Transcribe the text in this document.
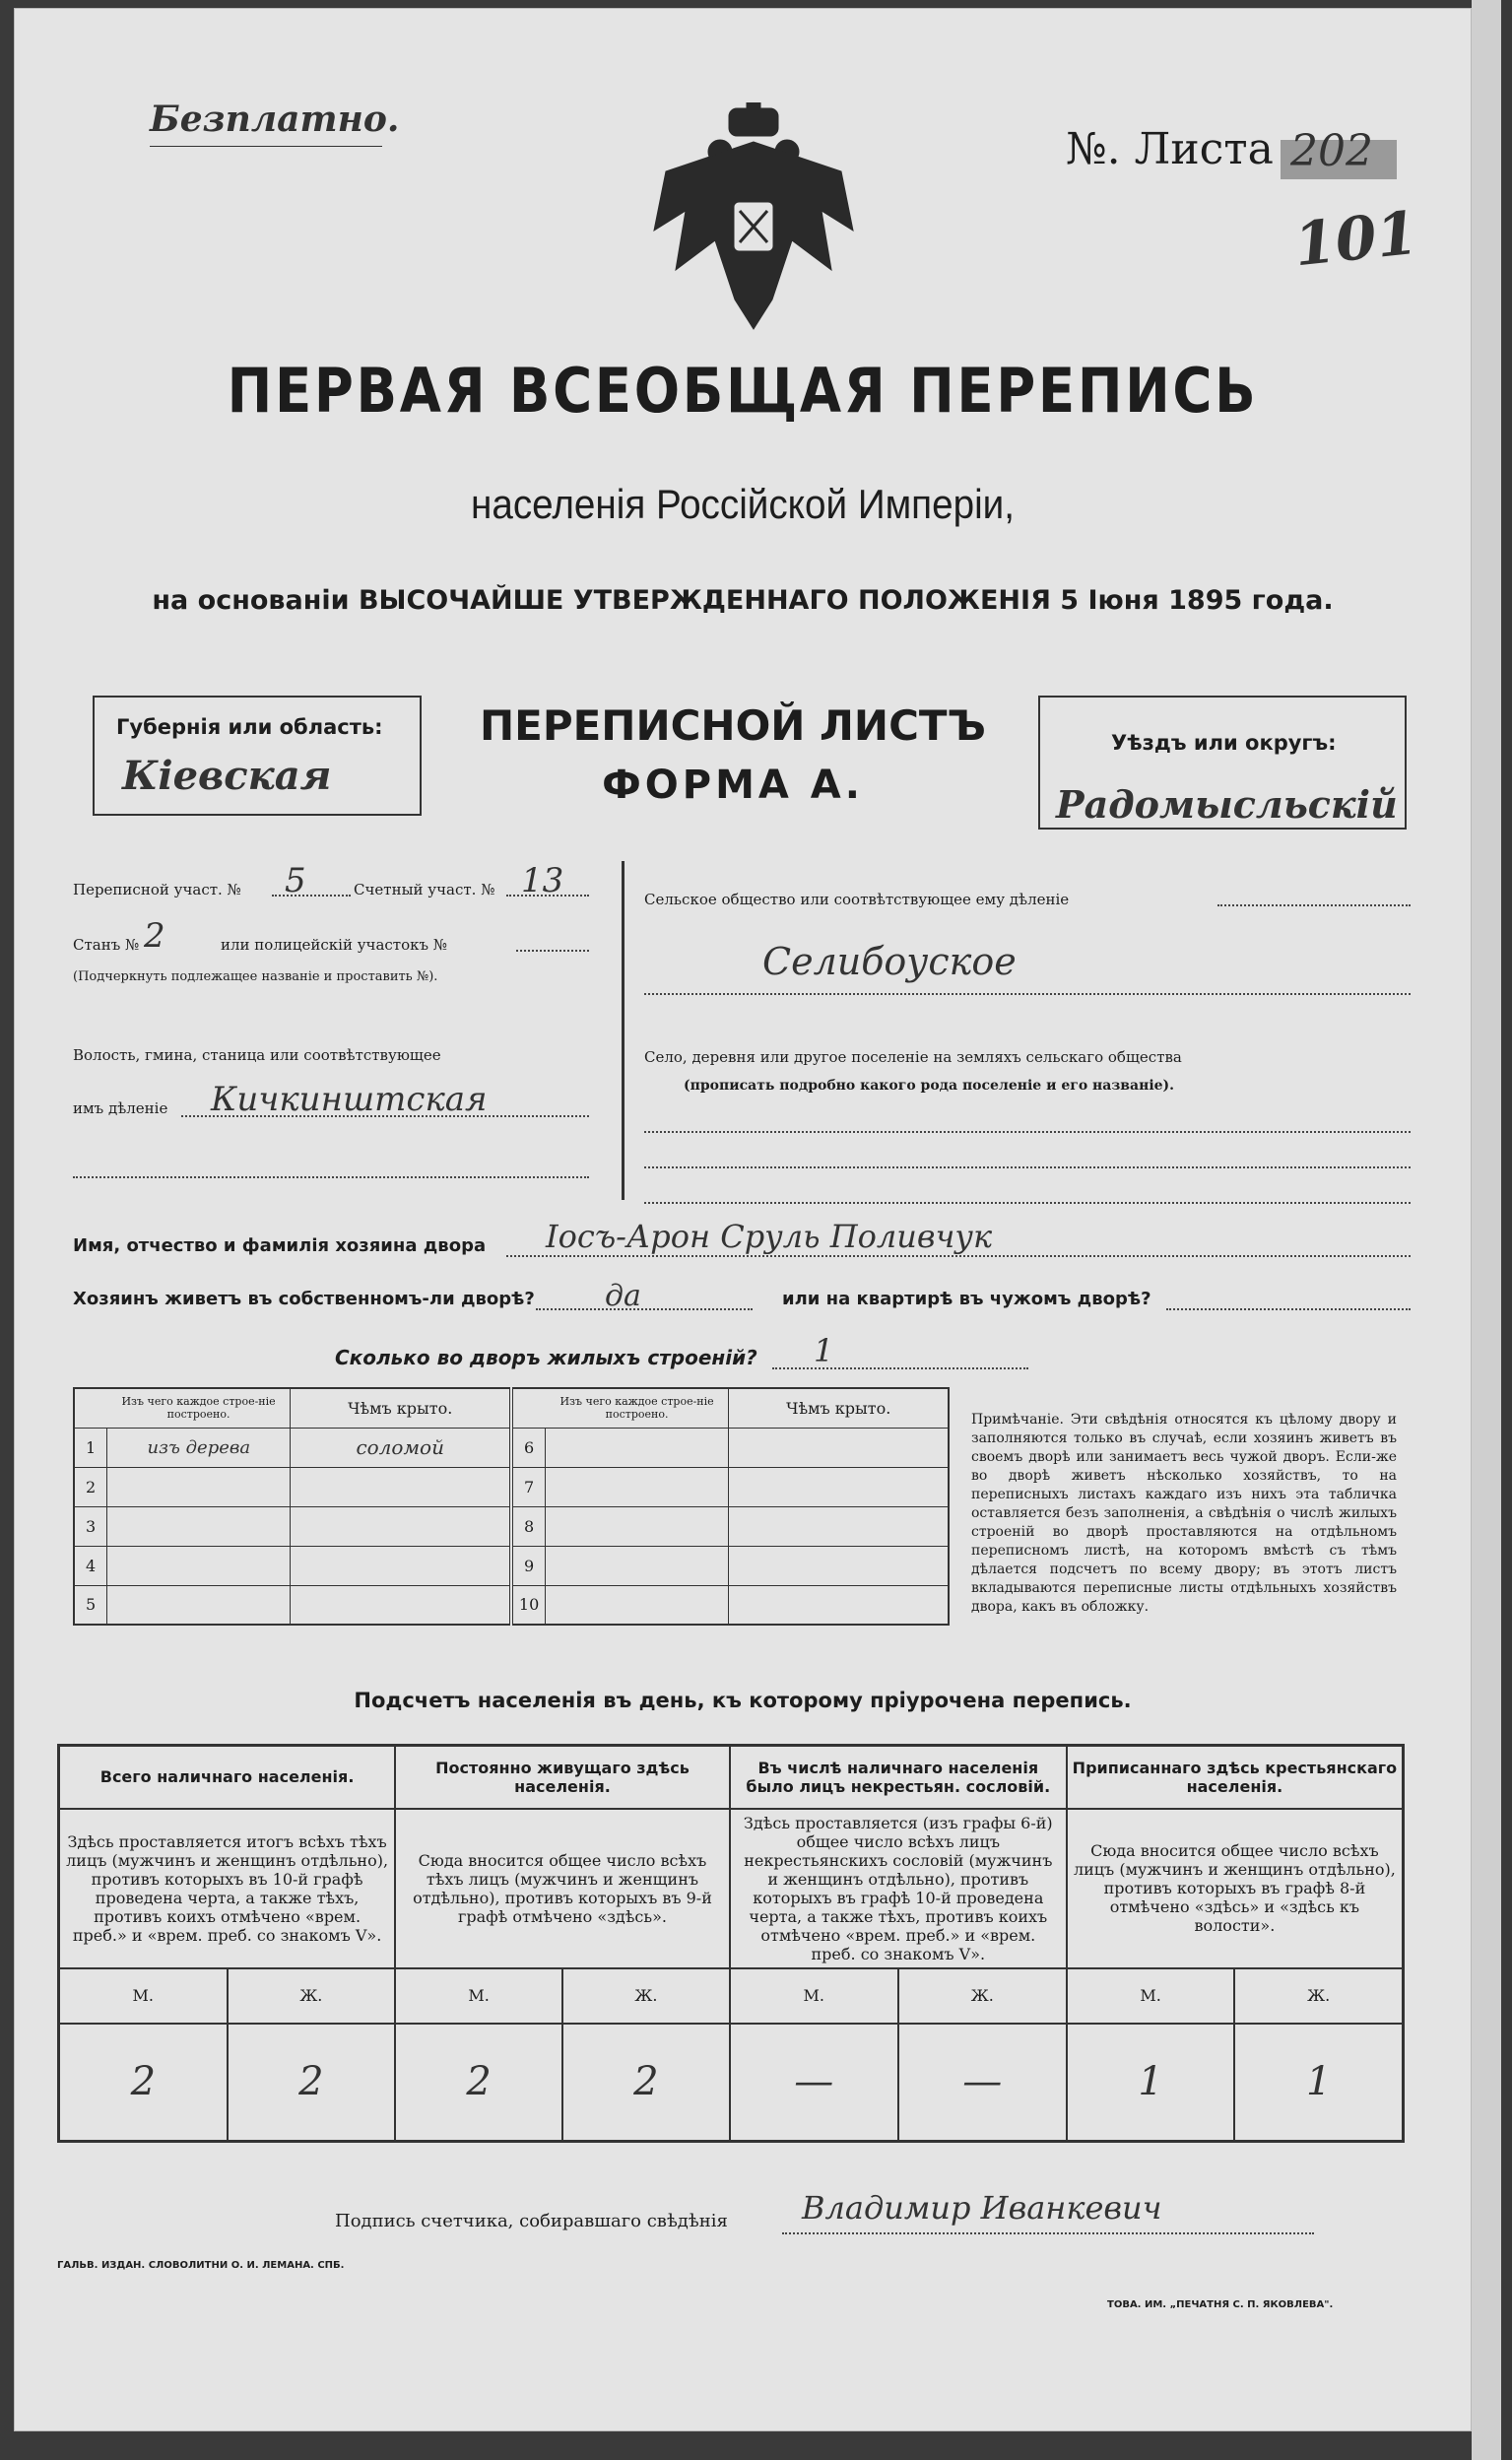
Безплатно.
№. Листа 202
101
ПЕРВАЯ ВСЕОБЩАЯ ПЕРЕПИСЬ
населенія Россійской Имперіи,
на основаніи ВЫСОЧАЙШЕ УТВЕРЖДЕННАГО ПОЛОЖЕНІЯ 5 Іюня 1895 года.
Губернія или область:
Кіевская
ПЕРЕПИСНОЙ ЛИСТЪ
ФОРМА А.
Уѣздъ или округъ:
Радомысльскій
Переписной участ. № 5	Счетный участ. № 13
Станъ № 2	или полицейскій участокъ №
(Подчеркнуть подлежащее названіе и проставить №).
Волость, гмина, станица или соотвѣтствующее
имъ дѣленіе Кичкинштская
Сельское общество или соотвѣтствующее ему дѣленіе
Селибоуское
Село, деревня или другое поселеніе на земляхъ сельскаго общества
(прописать подробно какого рода поселеніе и его названіе).
Имя, отчество и фамилія хозяина двора Іосъ-Арон Сруль Поливчук
Хозяинъ живетъ въ собственномъ-ли дворѣ? да	или на квартирѣ въ чужомъ дворѣ?
Сколько во дворъ жилыхъ строеній? 1
	Изъ чего каждое строе-ніе построено.	Чѣмъ крыто.		Изъ чего каждое строе-ніе построено.	Чѣмъ крыто.
1	изъ дерева	соломой	6		
2			7		
3			8		
4			9		
5			10		
Примѣчаніе. Эти свѣдѣнія относятся къ цѣлому двору и заполняются только въ случаѣ, если хозяинъ живетъ въ своемъ дворѣ или занимаетъ весь чужой дворъ. Если-же во дворѣ живетъ нѣсколько хозяйствъ, то на переписныхъ листахъ каждаго изъ нихъ эта табличка оставляется безъ заполненія, а свѣдѣнія о числѣ жилыхъ строеній во дворѣ проставляются на отдѣльномъ переписномъ листѣ, на которомъ вмѣстѣ съ тѣмъ дѣлается подсчетъ по всему двору; въ этотъ листъ вкладываются переписные листы отдѣльныхъ хозяйствъ двора, какъ въ обложку.
Подсчетъ населенія въ день, къ которому пріурочена перепись.
Всего наличнаго населенія.		Постоянно живущаго здѣсь населенія.		Въ числѣ наличнаго населенія было лицъ некрестьян. сословій.		Приписаннаго здѣсь крестьянскаго населенія.	
Здѣсь проставляется итогъ всѣхъ тѣхъ лицъ (мужчинъ и женщинъ отдѣльно), противъ которыхъ въ 10-й графѣ проведена черта, а также тѣхъ, противъ коихъ отмѣчено «врем. преб.» и «врем. преб. со знакомъ V».		Сюда вносится общее число всѣхъ тѣхъ лицъ (мужчинъ и женщинъ отдѣльно), противъ которыхъ въ 9-й графѣ отмѣчено «здѣсь».		Здѣсь проставляется (изъ графы 6-й) общее число всѣхъ лицъ некрестьянскихъ сословій (мужчинъ и женщинъ отдѣльно), противъ которыхъ въ графѣ 10-й проведена черта, а также тѣхъ, противъ коихъ отмѣчено «врем. преб.» и «врем. преб. со знакомъ V».		Сюда вносится общее число всѣхъ лицъ (мужчинъ и женщинъ отдѣльно), противъ которыхъ въ графѣ 8-й отмѣчено «здѣсь» и «здѣсь къ волости».	
М.	Ж.	М.	Ж.	М.	Ж.	М.	Ж.
2	2	2	2	—	—	1	1
Подпись счетчика, собиравшаго свѣдѣнія Владимир Иванкевич
ГАЛЬВ. ИЗДАН. СЛОВОЛИТНИ О. И. ЛЕМАНА. СПБ.
ТОВА. ИМ. „ПЕЧАТНЯ С. П. ЯКОВЛЕВА".
